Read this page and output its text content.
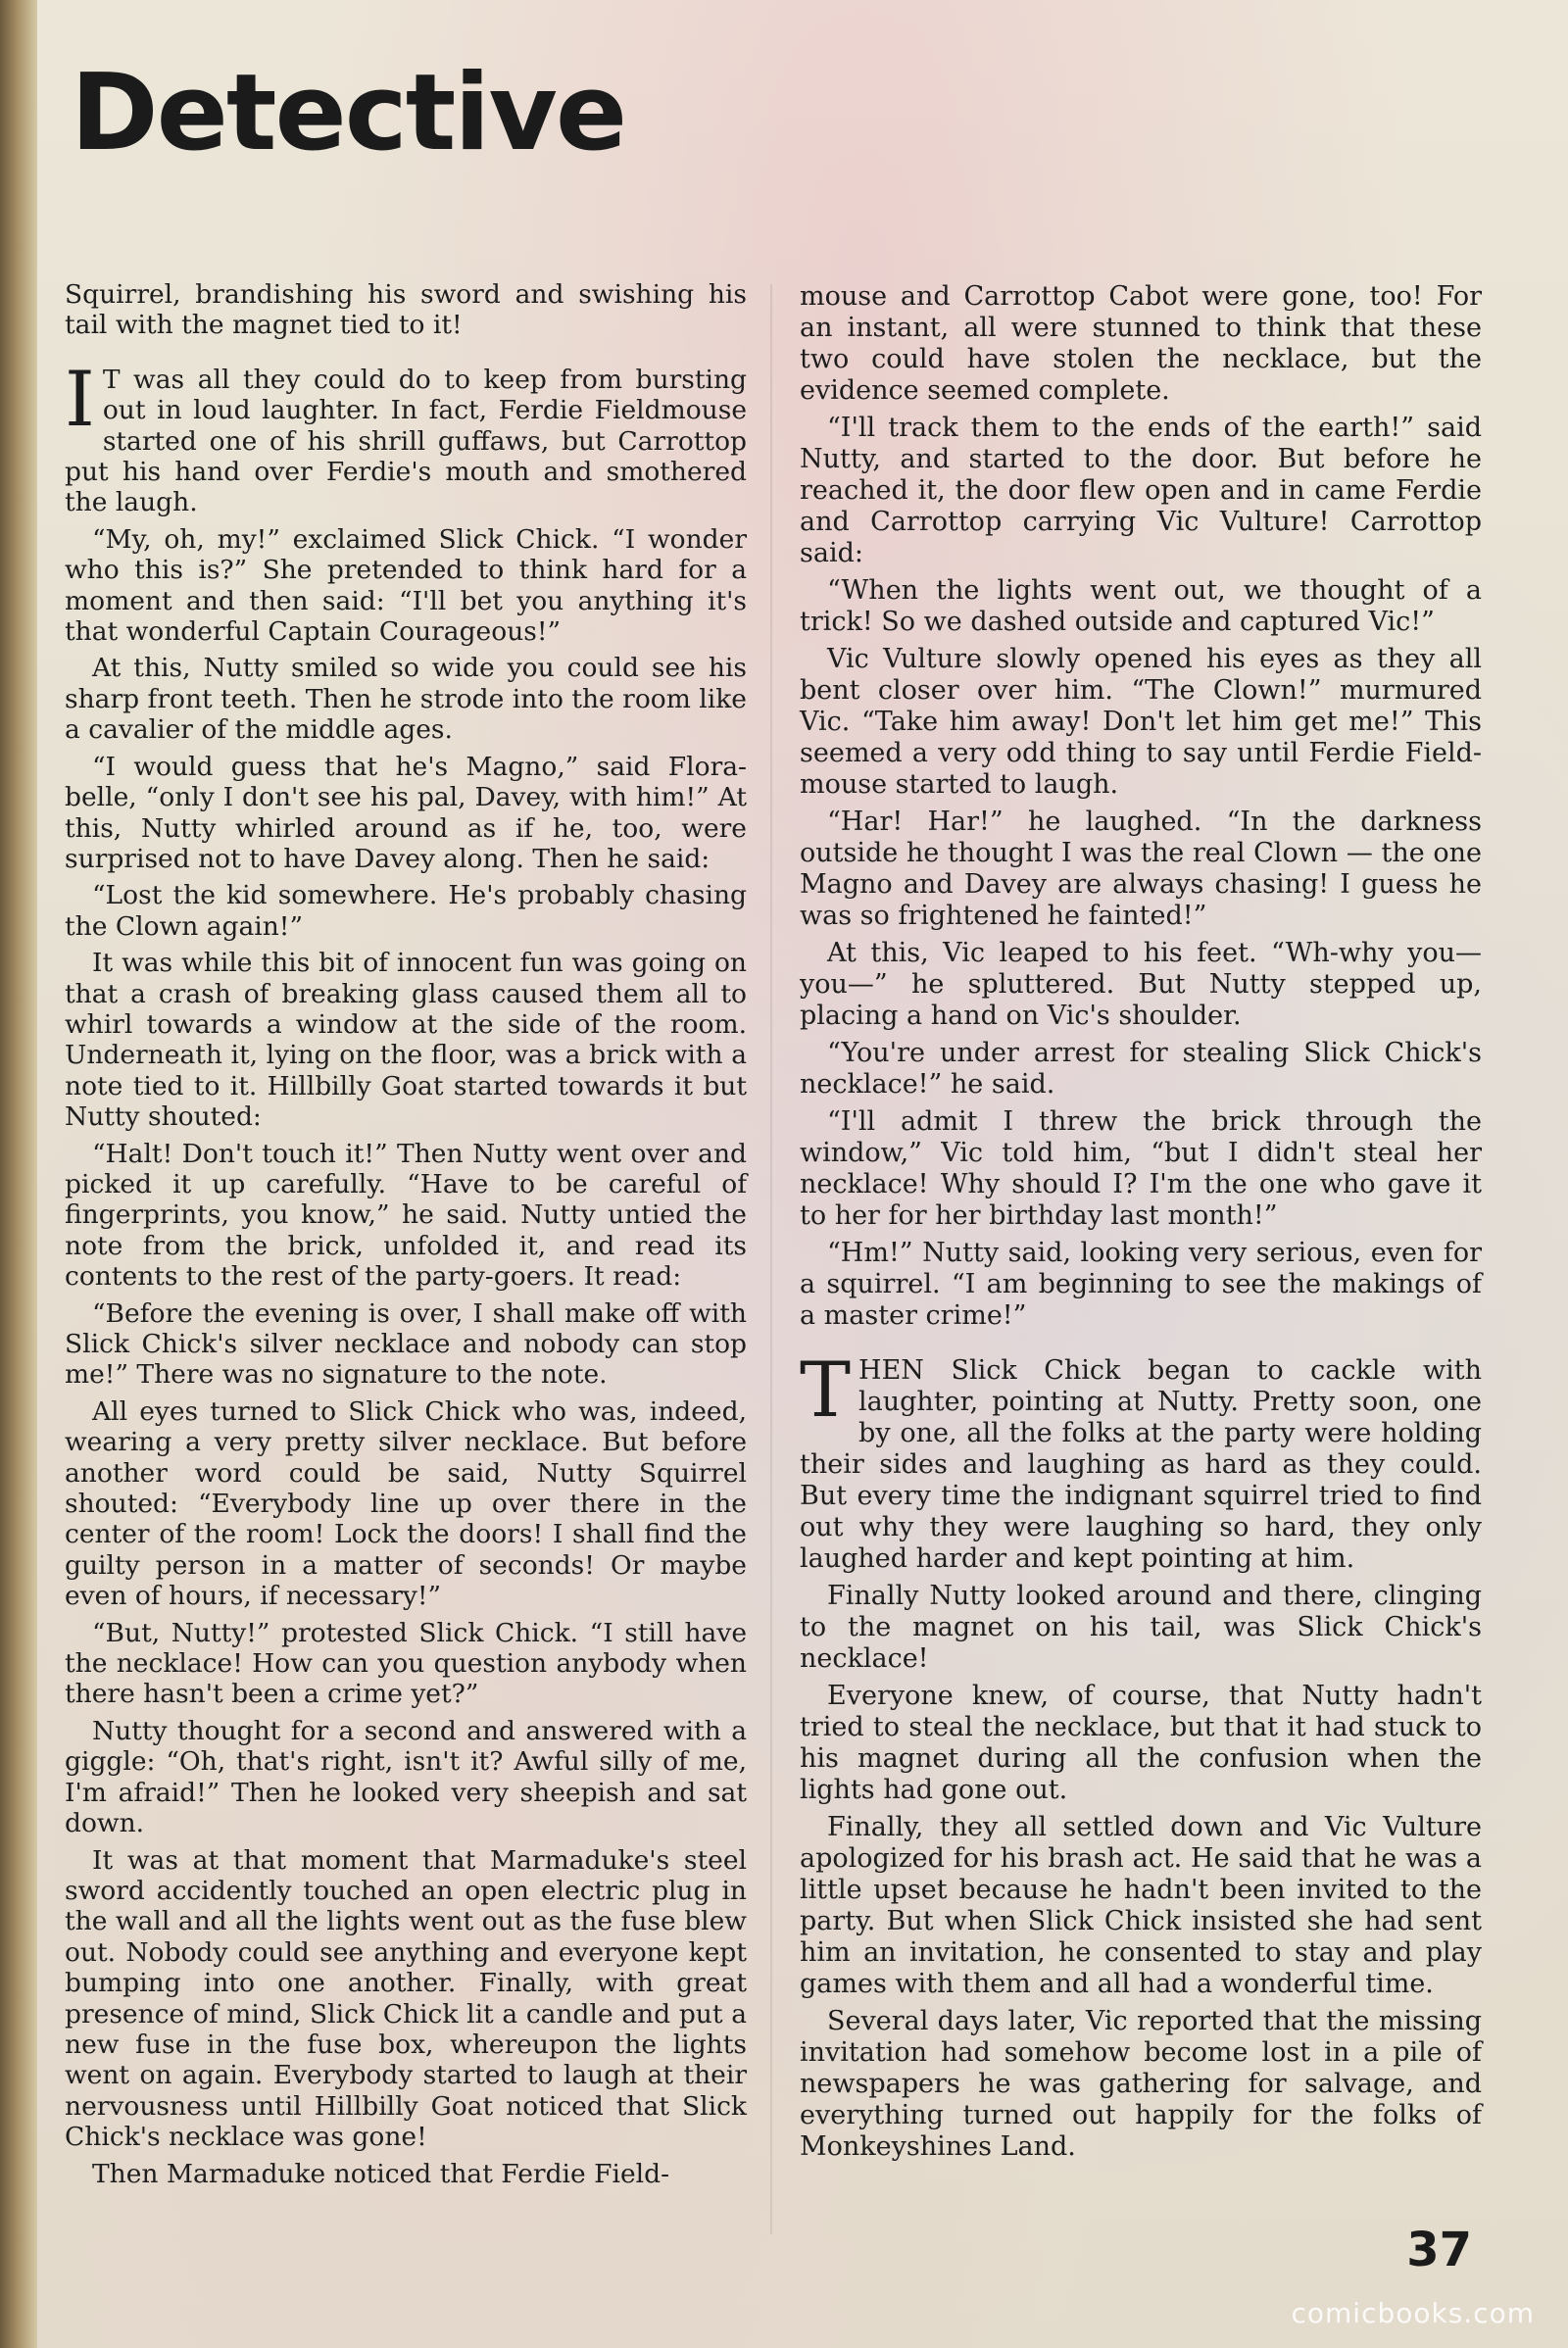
Detective

Squirrel, brandishing his sword and swishing his tail with the magnet tied to it!

I T was all they could do to keep from bursting out in loud laughter. In fact, Ferdie Fieldmouse started one of his shrill guffaws, but Carrottop put his hand over Ferdie's mouth and smothered the laugh.

“My, oh, my!” exclaimed Slick Chick. “I wonder who this is?” She pretended to think hard for a moment and then said: “I'll bet you anything it's that wonderful Captain Courageous!”

At this, Nutty smiled so wide you could see his sharp front teeth. Then he strode into the room like a cavalier of the middle ages.

“I would guess that he's Magno,” said Flora-belle, “only I don't see his pal, Davey, with him!” At this, Nutty whirled around as if he, too, were surprised not to have Davey along. Then he said:

“Lost the kid somewhere. He's probably chasing the Clown again!”

It was while this bit of innocent fun was going on that a crash of breaking glass caused them all to whirl towards a window at the side of the room. Underneath it, lying on the floor, was a brick with a note tied to it. Hillbilly Goat started towards it but Nutty shouted:

“Halt! Don't touch it!” Then Nutty went over and picked it up carefully. “Have to be careful of fingerprints, you know,” he said. Nutty untied the note from the brick, unfolded it, and read its contents to the rest of the party-goers. It read:

“Before the evening is over, I shall make off with Slick Chick's silver necklace and nobody can stop me!” There was no signature to the note.

All eyes turned to Slick Chick who was, indeed, wearing a very pretty silver necklace. But before another word could be said, Nutty Squirrel shouted: “Everybody line up over there in the center of the room! Lock the doors! I shall find the guilty person in a matter of seconds! Or maybe even of hours, if necessary!”

“But, Nutty!” protested Slick Chick. “I still have the necklace! How can you question anybody when there hasn't been a crime yet?”

Nutty thought for a second and answered with a giggle: “Oh, that's right, isn't it? Awful silly of me, I'm afraid!” Then he looked very sheepish and sat down.

It was at that moment that Marmaduke's steel sword accidently touched an open electric plug in the wall and all the lights went out as the fuse blew out. Nobody could see anything and everyone kept bumping into one another. Finally, with great presence of mind, Slick Chick lit a candle and put a new fuse in the fuse box, whereupon the lights went on again. Everybody started to laugh at their nervousness until Hillbilly Goat noticed that Slick Chick's necklace was gone!

Then Marmaduke noticed that Ferdie Field-

mouse and Carrottop Cabot were gone, too! For an instant, all were stunned to think that these two could have stolen the necklace, but the evidence seemed complete.

“I'll track them to the ends of the earth!” said Nutty, and started to the door. But before he reached it, the door flew open and in came Ferdie and Carrottop carrying Vic Vulture! Carrottop said:

“When the lights went out, we thought of a trick! So we dashed outside and captured Vic!”

Vic Vulture slowly opened his eyes as they all bent closer over him. “The Clown!” murmured Vic. “Take him away! Don't let him get me!” This seemed a very odd thing to say until Ferdie Field-mouse started to laugh.

“Har! Har!” he laughed. “In the darkness outside he thought I was the real Clown — the one Magno and Davey are always chasing! I guess he was so frightened he fainted!”

At this, Vic leaped to his feet. “Wh-why you— you—” he spluttered. But Nutty stepped up, placing a hand on Vic's shoulder.

“You're under arrest for stealing Slick Chick's necklace!” he said.

“I'll admit I threw the brick through the window,” Vic told him, “but I didn't steal her necklace! Why should I? I'm the one who gave it to her for her birthday last month!”

“Hm!” Nutty said, looking very serious, even for a squirrel. “I am beginning to see the makings of a master crime!”

THEN Slick Chick began to cackle with laughter, pointing at Nutty. Pretty soon, one by one, all the folks at the party were holding their sides and laughing as hard as they could. But every time the indignant squirrel tried to find out why they were laughing so hard, they only laughed harder and kept pointing at him.

Finally Nutty looked around and there, clinging to the magnet on his tail, was Slick Chick's necklace!

Everyone knew, of course, that Nutty hadn't tried to steal the necklace, but that it had stuck to his magnet during all the confusion when the lights had gone out.

Finally, they all settled down and Vic Vulture apologized for his brash act. He said that he was a little upset because he hadn't been invited to the party. But when Slick Chick insisted she had sent him an invitation, he consented to stay and play games with them and all had a wonderful time.

Several days later, Vic reported that the missing invitation had somehow become lost in a pile of newspapers he was gathering for salvage, and everything turned out happily for the folks of Monkeyshines Land.

37
comicbooks.com
